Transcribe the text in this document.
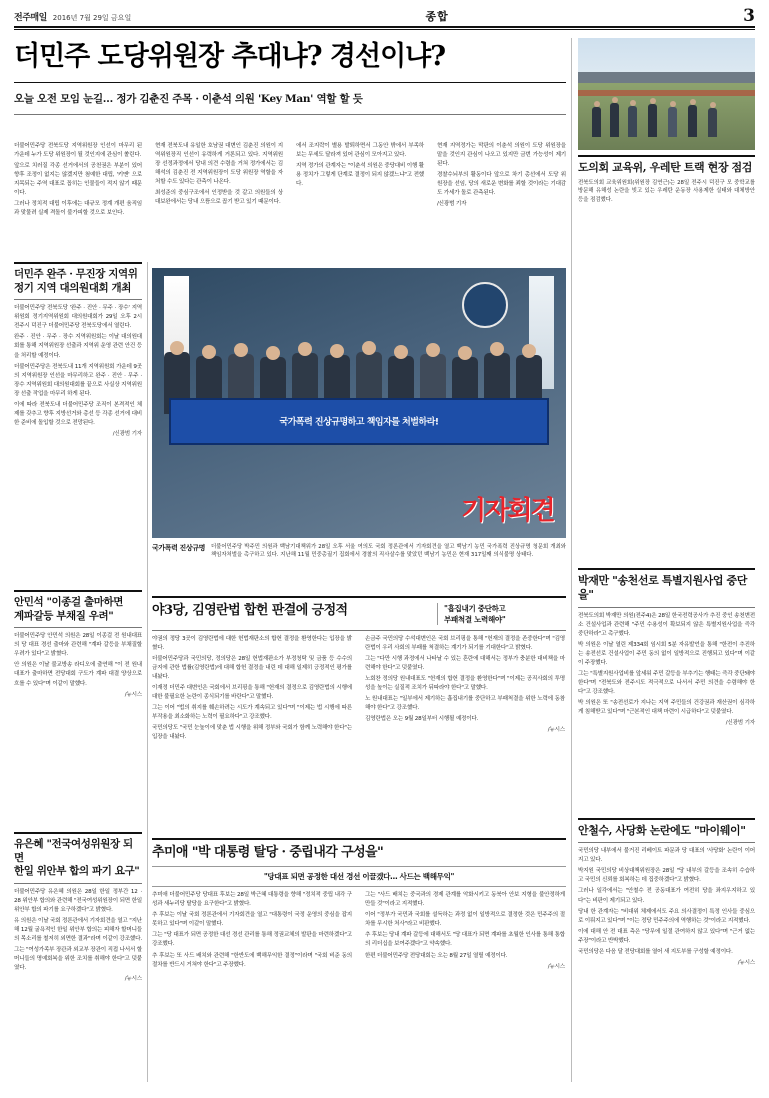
전주매일 2016년 7월 29일 금요일	종합	3
도의회 교육위, 우레탄 트랙 현장 점검
전북도의회 교육위원회(위원장 김연근)는 28일 전주시 덕진구 모 중학교를 방문해 유해성 논란을 빚고 있는 우레탄 운동장 사용제한 실태와 대체방안 등을 점검했다.
더민주 도당위원장 추대냐? 경선이냐?
오늘 오전 모임 눈길… 정가 김춘진 주목 · 이춘석 의원 'Key Man' 역할 할 듯

더불어민주당 전북도당 지역위원장 인선이 마무리 된 가운데 누가 도당 위원장이 될 것인지에 관심이 쏠린다.

앞으로 치러질 각종 선거에서의 공천권은 부분이 있어 향후 조정이 없지는 않겠지만 첨예한 대립, '키맨' 으로 지목되는 주역 대표로 꼽히는 인물들이 적지 않기 때문이다.

그러나 정치적 대립 이후에는 대규모 정계 개편 움직임과 맞물려 실제 격돌이 불가피할 것으로 보인다.

현재 전북도내 유일한 호남권 대변인 김춘진 의원이 지역위원장직 인선이 유력하게 거론되고 있다. 지역위원장 선정과정에서 당내 의견 수렴을 거쳐 정가에서는 김해석의 김춘진 전 지역위원장이 도당 위원장 역할을 자처할 수도 있다는 관측이 나온다.

최성준의 중심구조에서 인정받을 것 같고 의원들의 상대보완에서는 당내 으뜸으로 꼽기 받고 있기 때문이다.

에서 조지락이 별용 발퇴하면서 그동안 밖에서 부족하보는 무세도 달라져 있어 관심이 모아지고 있다.

지역 정가의 관계자는 "이춘석 의원은 중당대비 이행 활용 정치가 그렇게 단계로 결정이 되지 않겠느냐"고 전했다.

현재 지역정가는 막판의 이춘석 의원이 도당 위원장을 맡을 것인지 관심이 나오고 있지만 금번 가능성이 제기된다.

경찰수뇌부의 활동이다 앞으로 차기 총선에서 도당 위원장을 선임, 당의 새로운 변화를 꾀할 것이라는 기대감도 가세가 돌로 관측된다.

/신광범 기자

더민주 완주 · 무진장 지역위
정기 지역 대의원대회 개최

더불어민주당 전북도당 '완주 · 진안 · 무주 · 장수' 지역위원회 정기지역위원회 대의원대회가 29일 오후 2시 전주시 덕진구 더불어민주당 전북도당에서 열린다.

완주 · 진안 · 무주 · 장수 지역위원회는 이날 대의원대회를 통해 지역위원장 선출과 지역위 운영 관련 안건 등을 처리할 예정이다.

더불어민주당은 전북도내 11개 지역위원회 가운데 9곳의 지역위원장 인선을 마무리하고 완주 · 진안 · 무주 · 장수 지역위원회 대의원대회를 끝으로 사실상 지역위원장 선출 작업을 마무리 하게 된다.

이에 따라 전북도내 더불어민주당 조직이 본격적인 체제를 갖추고 향후 지방선거와 총선 등 각종 선거에 대비한 준비에 돌입할 것으로 전망된다.

/신광범 기자
안민석 "이종걸 출마하면
계파갈등 부채질 우려"

더불어민주당 안민석 의원은 28일 이종걸 전 원내대표의 당 대표 경선 출마와 관련해 "계파 갈등을 부채질할 우려가 있다"고 밝혔다.

안 의원은 이날 불교방송 라디오에 출연해 "이 전 원내대표가 출마하면 전당대회 구도가 계파 대결 양상으로 흐를 수 있다"며 이같이 말했다.

/뉴시스
유은혜 "전국여성위원장 되면
한일 위안부 합의 파기 요구"

더불어민주당 유은혜 의원은 28일 한일 정부간 12 · 28 위안부 합의와 관련해 "전국여성위원장이 되면 한일 위안부 합의 파기를 요구하겠다"고 밝혔다.

유 의원은 이날 국회 정론관에서 기자회견을 열고 "지난해 12월 굴욕적인 한일 위안부 합의는 피해자 할머니들의 목소리를 철저히 외면한 결과"라며 이같이 강조했다.

그는 "여성가족부 장관과 외교부 장관이 직접 나서서 할머니들의 명예회복을 위한 조치를 취해야 한다"고 덧붙였다.

/뉴시스
국가폭력 진상규명하고 책임자를 처벌하라!
기자회견
국가폭력 진상규명 더불어민주당 박주민 의원과 백남기대책위가 28일 오후 서울 여의도 국회 정론관에서 기자회견을 열고 백남기 농민 국가폭력 진상규명 청문회 개최와 책임자처벌을 촉구하고 있다. 지난해 11월 민중총궐기 집회에서 경찰의 직사살수를 맞았던 백남기 농민은 현재 317일째 의식불명 상태다.
야3당, 김영란법 합헌 판결에 긍정적	"흡집내기 중단하고
부패척결 노력해야"

야권의 정당 3곳이 김영란법에 대한 헌법재판소의 합헌 결정을 환영한다는 입장을 밝혔다.

더불어민주당과 국민의당, 정의당은 28일 헌법재판소가 부정청탁 및 금품 등 수수의 금지에 관한 법률(김영란법)에 대해 합헌 결정을 내린 데 대해 일제히 긍정적인 평가를 내놨다.

이재정 더민주 대변인은 국회에서 브리핑을 통해 "헌재의 결정으로 김영란법의 시행에 대한 불필요한 논란이 종식되기를 바란다"고 말했다.

그는 이어 "법의 취지를 훼손하려는 시도가 계속되고 있다"며 "이제는 법 시행에 따른 부작용을 최소화하는 노력이 필요하다"고 강조했다.

국민의당도 "국민 눈높이에 맞춘 법 시행을 위해 정부와 국회가 함께 노력해야 한다"는 입장을 내놨다.

손금주 국민의당 수석대변인은 국회 브리핑을 통해 "헌재의 결정을 존중한다"며 "김영란법이 우리 사회의 부패를 척결하는 계기가 되기를 기대한다"고 밝혔다.

그는 "다만 시행 과정에서 나타날 수 있는 혼란에 대해서는 정부가 충분한 대비책을 마련해야 한다"고 덧붙였다.

노회찬 정의당 원내대표도 "헌재의 합헌 결정을 환영한다"며 "이제는 공직사회의 투명성을 높이는 실질적 조치가 뒤따라야 한다"고 말했다.

노 원내대표는 "일부에서 제기하는 흡집내기를 중단하고 부패척결을 위한 노력에 동참해야 한다"고 강조했다.

김영란법은 오는 9월 28일부터 시행될 예정이다.

/뉴시스
추미애 "박 대통령 탈당 · 중립내각 구성을"
"당대표 되면 공정한 대선 경선 이끌겠다… 사드는 백해무익"

추미애 더불어민주당 당대표 후보는 28일 박근혜 대통령을 향해 "정치적 중립 내각 구성과 새누리당 탈당을 요구한다"고 밝혔다.

추 후보는 이날 국회 정론관에서 기자회견을 열고 "대통령이 국정 운영의 중심을 잡지 못하고 있다"며 이같이 말했다.

그는 "당 대표가 되면 공정한 대선 경선 관리를 통해 정권교체의 발판을 마련하겠다"고 강조했다.

추 후보는 또 사드 배치와 관련해 "한반도에 백해무익한 결정"이라며 "국회 비준 동의 절차를 반드시 거쳐야 한다"고 주장했다.

그는 "사드 배치는 중국과의 경제 관계를 악화시키고 동북아 안보 지형을 불안정하게 만들 것"이라고 지적했다.

이어 "정부가 국민과 국회를 설득하는 과정 없이 일방적으로 결정한 것은 민주주의 절차를 무시한 처사"라고 비판했다.

추 후보는 당내 계파 갈등에 대해서도 "당 대표가 되면 계파를 초월한 인사를 통해 통합의 리더십을 보여주겠다"고 약속했다.

한편 더불어민주당 전당대회는 오는 8월 27일 열릴 예정이다.

/뉴시스
박재만 "송천선로 특별지원사업 중단을"

전북도의회 박재만 의원(전주4)은 28일 한국전력공사가 추진 중인 송천변전소 건설사업과 관련해 "주민 수용성이 확보되지 않은 특별지원사업을 즉각 중단하라"고 촉구했다.

박 의원은 이날 열린 제334회 임시회 5분 자유발언을 통해 "한전이 추진하는 송전선로 건설사업이 주민 동의 없이 일방적으로 진행되고 있다"며 이같이 주장했다.

그는 "특별지원사업비를 앞세워 주민 갈등을 부추기는 행태는 즉각 중단돼야 한다"며 "전북도와 전주시도 적극적으로 나서서 주민 의견을 수렴해야 한다"고 강조했다.

박 의원은 또 "송전선로가 지나는 지역 주민들의 건강권과 재산권이 심각하게 침해받고 있다"며 "근본적인 대책 마련이 시급하다"고 덧붙였다.

/신광범 기자
안철수, 사당화 논란에도 "마이웨이"

국민의당 내부에서 불거진 리베이트 파문과 당 대표의 '사당화' 논란이 이어지고 있다.

박지원 국민의당 비상대책위원장은 28일 "당 내부의 갈등을 조속히 수습하고 국민의 신뢰를 회복하는 데 집중하겠다"고 밝혔다.

그러나 일각에서는 "안철수 전 공동대표가 여전히 당을 좌지우지하고 있다"는 비판이 제기되고 있다.

당내 한 관계자는 "비대위 체제에서도 주요 의사결정이 특정 인사들 중심으로 이뤄지고 있다"며 "이는 정당 민주주의에 역행하는 것"이라고 지적했다.

이에 대해 안 전 대표 측은 "당무에 일절 관여하지 않고 있다"며 "근거 없는 주장"이라고 반박했다.

국민의당은 다음 달 전당대회를 열어 새 지도부를 구성할 예정이다.

/뉴시스
